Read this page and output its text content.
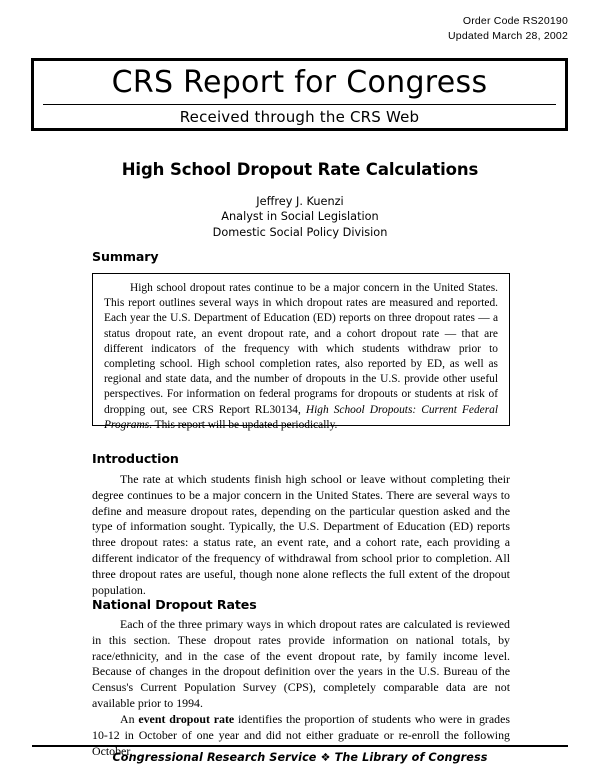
Order Code RS20190
Updated March 28, 2002
CRS Report for Congress
Received through the CRS Web
High School Dropout Rate Calculations
Jeffrey J. Kuenzi
Analyst in Social Legislation
Domestic Social Policy Division
Summary
High school dropout rates continue to be a major concern in the United States. This report outlines several ways in which dropout rates are measured and reported. Each year the U.S. Department of Education (ED) reports on three dropout rates — a status dropout rate, an event dropout rate, and a cohort dropout rate — that are different indicators of the frequency with which students withdraw prior to completing school. High school completion rates, also reported by ED, as well as regional and state data, and the number of dropouts in the U.S. provide other useful perspectives. For information on federal programs for dropouts or students at risk of dropping out, see CRS Report RL30134, High School Dropouts: Current Federal Programs. This report will be updated periodically.
Introduction
The rate at which students finish high school or leave without completing their degree continues to be a major concern in the United States. There are several ways to define and measure dropout rates, depending on the particular question asked and the type of information sought. Typically, the U.S. Department of Education (ED) reports three dropout rates: a status rate, an event rate, and a cohort rate, each providing a different indicator of the frequency of withdrawal from school prior to completion. All three dropout rates are useful, though none alone reflects the full extent of the dropout population.
National Dropout Rates
Each of the three primary ways in which dropout rates are calculated is reviewed in this section. These dropout rates provide information on national totals, by race/ethnicity, and in the case of the event dropout rate, by family income level. Because of changes in the dropout definition over the years in the U.S. Bureau of the Census's Current Population Survey (CPS), completely comparable data are not available prior to 1994.
An event dropout rate identifies the proportion of students who were in grades 10-12 in October of one year and did not either graduate or re-enroll the following October.
Congressional Research Service ❖ The Library of Congress
